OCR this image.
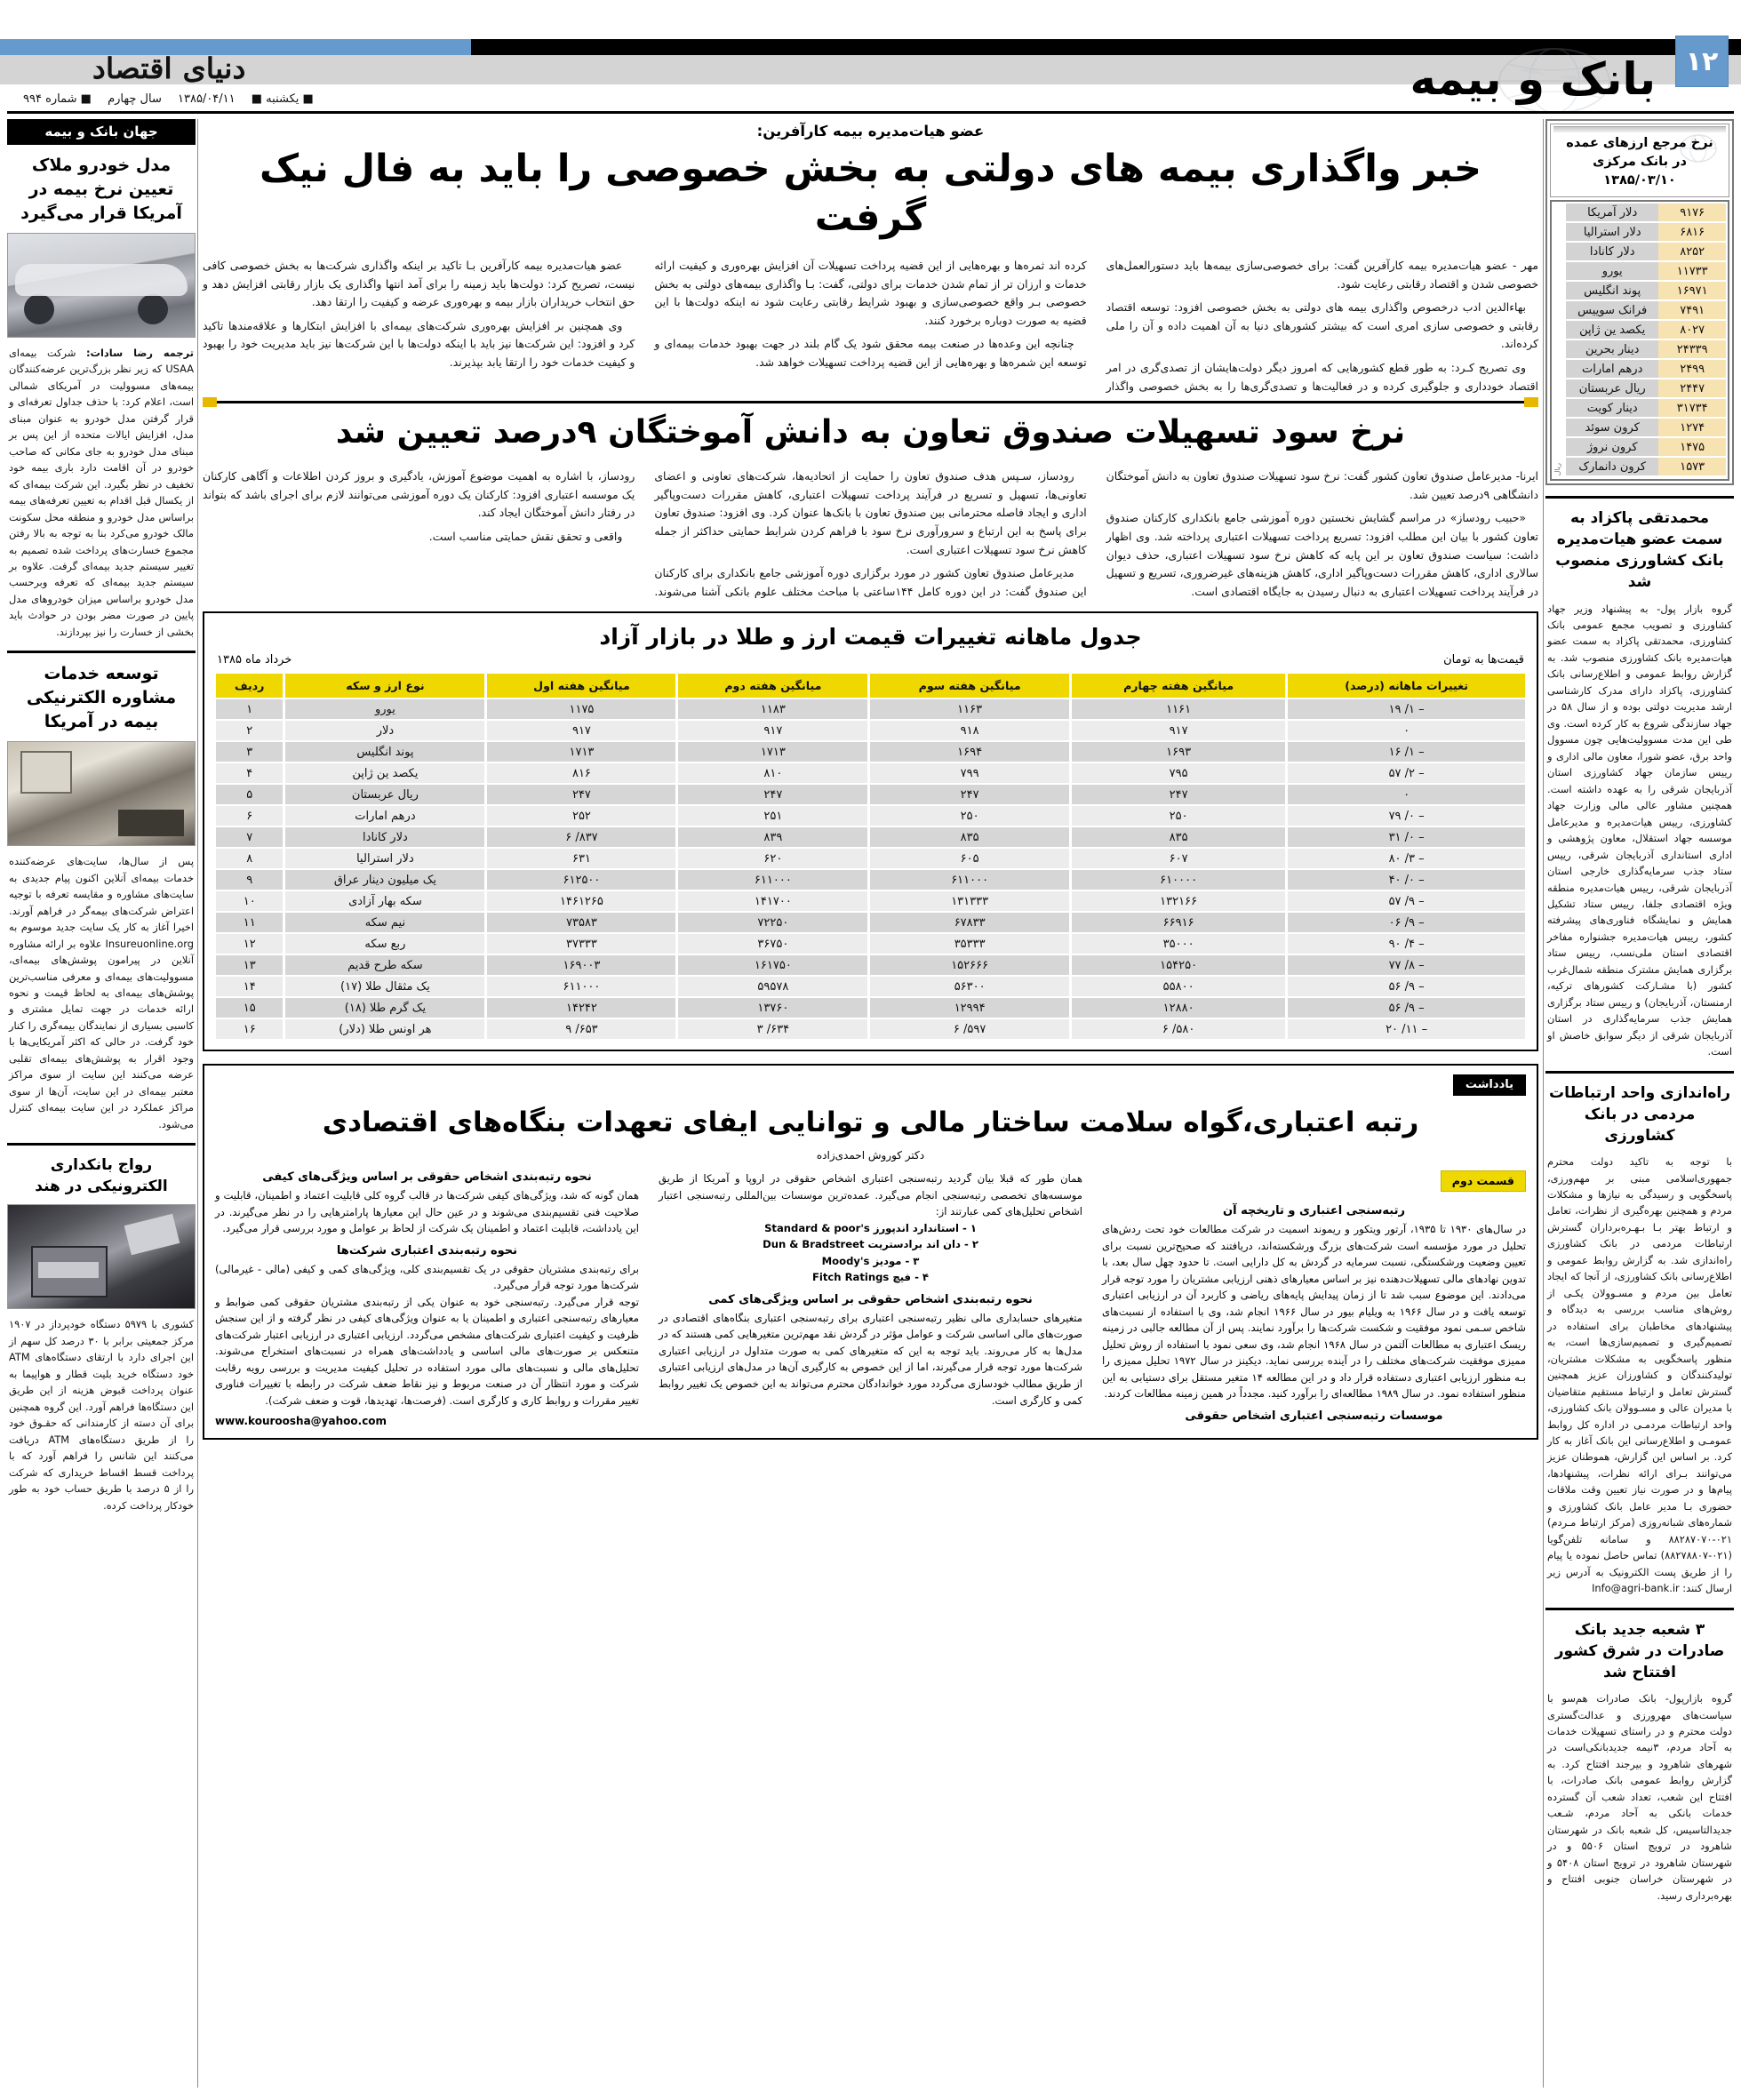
۱۲
دنیای اقتصاد	بانک و بیمه
■ یکشنبه ■ ۱۳۸۵/۰۴/۱۱ سال چهارم ■ شماره ۹۹۴
جهان بانک و بیمه
مدل خودرو ملاک تعیین نرخ بیمه در آمریکا قرار می‌گیرد
ترجمه رضا سادات: شرکت بیمه‌ای USAA که زیر نظر بزرگ‌ترین عرضه‌کنندگان بیمه‌های مسوولیت در آمریکای شمالی است، اعلام کرد: با حذف جداول تعرفه‌ای و قرار گرفتن مدل خودرو به عنوان مبنای مدل، افزایش ایالات متحده از این پس بر مبنای مدل خودرو به جای مکانی که صاحب خودرو در آن اقامت دارد باری بیمه خود تخفیف در نظر بگیرد. این شرکت بیمه‌ای که از یکسال قبل اقدام به تعیین تعرفه‌های بیمه براساس مدل خودرو و منطقه محل سکونت مالک خودرو می‌کرد بنا به توجه به بالا رفتن مجموع خسارت‌های پرداخت شده تصمیم به تغییر سیستم جدید بیمه‌ای گرفت. علاوه بر سیستم جدید بیمه‌ای که تعرفه وبرحسب مدل خودرو براساس میزان خودروهای مدل پایین در صورت مضر بودن در حوادث باید بخشی از خسارت را نیز بپردازند.
توسعه خدمات مشاوره الکترنیکی بیمه در آمریکا
پس از سال‌ها، سایت‌های عرضه‌کننده خدمات بیمه‌ای آنلاین اکنون پیام جدیدی به سایت‌های مشاوره و مقایسه تعرفه با توجیه اعتراض شرکت‌های بیمه‌گر در فراهم آورند. اخیرا آغاز به کار یک سایت جدید موسوم به Insureuonline.org علاوه بر ارائه مشاوره آنلاین در پیرامون پوشش‌های بیمه‌ای، مسوولیت‌های بیمه‌ای و معرفی مناسب‌ترین پوشش‌های بیمه‌ای به لحاظ قیمت و نحوه ارائه خدمات در جهت تمایل مشتری و کاسبی بسیاری از نمایندگان بیمه‌گری را کنار خود گرفت. در حالی که اکثر آمریکایی‌ها با وجود اقرار به پوشش‌های بیمه‌ای تقلبی عرضه می‌کنند این سایت از سوی مراکز معتبر بیمه‌ای در این سایت، آن‌ها از سوی مراکز عملکرد در این سایت بیمه‌ای کنترل می‌شود.
رواج بانکداری الکترونیکی در هند
کشوری با ۵۹۷۹ دستگاه خودپرداز در ۱۹۰۷ مرکز جمعیتی برابر با ۳۰ درصد کل سهم از این اجرای دارد با ارتقای دستگاه‌های ATM خود دستگاه خرید بلیت قطار و هواپیما به عنوان پرداخت قبوض هزینه از این طریق این دستگاه‌ها فراهم آورد. این گروه همچنین برای آن دسته از کارمندانی که حقـوق خود را از طریق دستگاه‌های ATM دریافت می‌کنند این شانس را فراهم آورد که با پرداخت قسط اقساط خریداری که شرکت را از ۵ درصد با طریق حساب خود به طور خودکار پرداخت کرده.
نرخ مرجع ارزهای عمده
در بانک مرکزی ۱۳۸۵/۰۳/۱۰
ریال
۹۱۷۶	دلار آمریکا
۶۸۱۶	دلار استرالیا
۸۲۵۲	دلار کانادا
۱۱۷۳۳	یورو
۱۶۹۷۱	پوند انگلیس
۷۴۹۱	فرانک سوییس
۸۰۲۷	یکصد ین ژاپن
۲۴۳۳۹	دینار بحرین
۲۴۹۹	درهم امارات
۲۴۴۷	ریال عربستان
۳۱۷۳۴	دینار کویت
۱۲۷۴	کرون سوئد
۱۴۷۵	کرون نروژ
۱۵۷۳	کرون دانمارک
محمدتقی پاکزاد به سمت عضو هیات‌مدیره بانک کشاورزی منصوب شد
گروه بازار پول- به پیشنهاد وزیر جهاد کشاورزی و تصویب مجمع عمومی بانک کشاورزی، محمدتقی پاکزاد به سمت عضو هیات‌مدیره بانک کشاورزی منصوب شد. به گزارش روابط عمومی و اطلاع‌رسانی بانک کشاورزی، پاکزاد دارای مدرک کارشناسی ارشد مدیریت دولتی بوده و از سال ۵۸ در جهاد سازندگی شروع به کار کرده است. وی طی این مدت مسوولیت‌هایی چون مسوول واحد برق، عضو شورا، معاون مالی اداری و رییس سازمان جهاد کشاورزی استان آذربایجان شرقی را به عهده داشته است. همچنین مشاور عالی مالی وزارت جهاد کشاورزی، رییس هیات‌مدیره و مدیرعامل موسسه جهاد استقلال، معاون پژوهشی و اداری استانداری آذربایجان شرقی، رییس ستاد جذب سرمایه‌گذاری خارجی استان آذربایجان شرقی، رییس هیات‌مدیره منطقه ویژه اقتصادی جلفا، رییس ستاد تشکیل همایش و نمایشگاه فناوری‌های پیشرفته کشور، رییس هیات‌مدیره جشنواره مفاخر اقتصادی استان ملی‌نسب، رییس ستاد برگزاری همایش مشترک منطقه شمال‌غرب کشور (با مشـارکت کشورهای ترکیه، ارمنستان، آذربایجان) و رییس ستاد برگزاری همایش جذب سرمایه‌گذاری در استان آذربایجان شرقی از دیگر سوابق خاصش او است.
راه‌اندازی واحد ارتباطات مردمی در بانک کشاورزی
با توجه به تاکید دولت محترم جمهوری‌اسلامی مبنی بر مهم‌ورزی، پاسخگویی و رسیدگی به نیازها و مشکلات مردم و همچنین بهره‌گیری از نظرات، تعامل و ارتباط بهتر بـا بـهـره‌برداران گسترش ارتباطات مردمی در بانک کشاورزی راه‌اندازی شد. به گزارش روابط عمومی و اطلاع‌رسانی بانک کشاورزی، از آنجا که ایجاد تعامل بین مردم و مسـوولان یکـی از روش‌های مناسب بررسی به دیدگاه و پیشنهادهای مخاطبان برای استفاده در تصمیم‌گیری و تصمیم‌سازی‌ها است، به منظور پاسخگویی به مشکلات مشتریان، تولیدکنندگان و کشاورزان عزیز همچنین گسترش تعامل و ارتباط مستقیم متقاضیان با مدیران عالی و مسـوولان بانک کشاورزی، واحد ارتباطات مردمـی در اداره کل روابط عمومـی و اطلاع‌رسانی این بانک آغاز به کار کرد. بر اساس این گزارش، هموطنان عزیز می‌توانند بـرای ارائه نظرات، پیشنهادها، پیام‌ها و در صورت نیاز تعیین وقت ملاقات حضوری بـا مدیر عامل بانک کشاورزی و شماره‌های شبانه‌روزی (مرکز ارتباط مـردم) ۰۲۱-۸۸۲۸۷۰۷۰ و سامانه تلفن‌گویا (۰۲۱-۸۸۲۷۸۸۰۷) تماس حاصل نموده یا پیام را از طریق پست الکترونیک به آدرس زیر ارسال کنند: Info@agri-bank.ir
۳ شعبه جدید بانک صادرات در شرق کشور افتتاح شد
گروه بازارپول- بانک صادرات هم‌سو با سیاست‌های مهرورزی و عدالت‌گستری دولت محترم و در راستای تسهیلات خدمات به آحاد مردم، ۳نیمه جدیدبانکی‌است در شهرهای شاهرود و بیرجند افتتاح کرد. به گزارش روابط عمومی بانک صادرات، با افتتاح این شعب، تعداد شعب آن گسترده خدمات بانکی به آحاد مردم، شـعب جدیدالتاسیس، کل شعبه بانک در شهرستان شاهرود در ترویج استان ۵۵۰۶ و در شهرستان شاهرود در ترویج استان ۵۴۰۸ و در شهرستان خراسان جنوبی افتتاح و بهره‌برداری رسید.
عضو هیات‌مدیره بیمه کارآفرین:
خبر واگذاری بیمه های دولتی به بخش خصوصی را باید به فال نیک گرفت

مهر - عضو هیات‌مدیره بیمه کارآفرین گفت: برای خصوصی‌سازی بیمه‌ها باید دستورالعمل‌های خصوصی شدن و اقتصاد رقابتی رعایت شود.

بهاءالدین ادب درخصوص واگذاری بیمه های دولتی به بخش خصوصی افزود: توسعه اقتصاد رقابتی و خصوصی سازی امری است که بیشتر کشورهای دنیا به آن اهمیت داده و آن را ملی کرده‌اند.

وی تصریح کـرد: به طور قطع کشورهایی که امروز دیگر دولت‌هایشان از تصدی‌گری در امر اقتصاد خودداری و جلوگیری کرده و در فعالیت‌ها و تصدی‌گری‌ها را به بخش خصوصی واگذار کرده اند ثمره‌ها و بهره‌هایی از این قضیه پرداخت تسهیلات آن افزایش بهره‌وری و کیفیت ارائه خدمات و ارزان تر از تمام شدن خدمات برای دولتی، گفت: بـا واگذاری بیمه‌های دولتی به بخش خصوصی بـر واقع خصوصی‌سازی و بهبود شرایط رقابتی رعایت شود نه اینکه دولت‌ها با این قضیه به صورت دوباره برخورد کنند.

چنانچه این وعده‌ها در صنعت بیمه محقق شود یک گام بلند در جهت بهبود خدمات بیمه‌ای و توسعه این شمره‌ها و بهره‌هایی از این قضیه پرداخت تسهیلات خواهد شد.

عضو هیات‌مدیره بیمه کارآفرین بـا تاکید بر اینکه واگذاری شرکت‌ها به بخش خصوصی کافی نیست، تصریح کرد: دولت‌ها باید زمینه را برای آمد انتها واگذاری یک بازار رقابتی افزایش دهد و حق انتخاب خریداران بازار بیمه و بهره‌وری عرضه و کیفیت را ارتقا دهد.

وی همچنین بر افزایش بهره‌وری شرکت‌های بیمه‌ای با افزایش ابتکارها و علاقه‌مندها تاکید کرد و افزود: این شرکت‌ها نیز باید با اینکه دولت‌ها با این شرکت‌ها نیز باید مدیریت خود را بهبود و کیفیت خدمات خود را ارتقا یابد بپذیرند.

نرخ سود تسهیلات صندوق تعاون به دانش آموختگان ۹درصد تعیین شد

ایرنا- مدیرعامل صندوق تعاون کشور گفت: نرخ سود تسهیلات صندوق تعاون به دانش آموختگان دانشگاهی ۹درصد تعیین شد.

«حبیب رودساز» در مراسم گشایش نخستین دوره آموزشی جامع بانکداری کارکنان صندوق تعاون کشور با بیان این مطلب افزود: تسریع پرداخت تسهیلات اعتباری پرداخته شد. وی اظهار داشت: سیاست صندوق تعاون بر این پایه که کاهش نرخ سود تسهیلات اعتباری، حذف دیوان سالاری اداری، کاهش مقررات دست‌وپاگیر اداری، کاهش هزینه‌های غیرضروری، تسریع و تسهیل در فرآیند پرداخت تسهیلات اعتباری به دنبال رسیدن به جایگاه اقتصادی است.

رودساز، سـپس هدف صندوق تعاون را حمایت از اتحادیه‌ها، شرکت‌های تعاونی و اعضای تعاونی‌ها، تسهیل و تسریع در فرآیند پرداخت تسهیلات اعتباری، کاهش مقررات دست‌وپاگیر اداری و ایجاد فاصله محترمانی بین صندوق تعاون با بانک‌ها عنوان کرد. وی افزود: صندوق تعاون برای پاسخ به این ارتباع و سرورآوری نرخ سود با فراهم کردن شرایط حمایتی حداکثر از جمله کاهش نرخ سود تسهیلات اعتباری است.

مدیرعامل صندوق تعاون کشور در مورد برگزاری دوره آموزشی جامع بانکداری برای کارکنان این صندوق گفت: در این دوره کامل ۱۴۴ساعتی با مباحث مختلف علوم بانکی آشنا می‌شوند. رودساز، با اشاره به اهمیت موضوع آموزش، یادگیری و بروز کردن اطلاعات و آگاهی کارکنان یک موسسه اعتباری افزود: کارکنان یک دوره آموزشی می‌توانند لازم برای اجرای باشد که بتواند در رفتار دانش آموختگان ایجاد کند.

واقعی و تحقق نقش حمایتی مناسب است.

جدول ماهانه تغییرات قیمت ارز و طلا در بازار آزاد
قیمت‌ها به تومان
خرداد ماه ۱۳۸۵
تغییرات ماهانه (درصد)	میانگین هفته چهارم	میانگین هفته سوم	میانگین هفته دوم	میانگین هفته اول	نوع ارز و سکه	ردیف
– ۱/ ۱۹	۱۱۶۱	۱۱۶۳	۱۱۸۳	۱۱۷۵	یورو	۱
۰	۹۱۷	۹۱۸	۹۱۷	۹۱۷	دلار	۲
– ۱/ ۱۶	۱۶۹۳	۱۶۹۴	۱۷۱۳	۱۷۱۳	پوند انگلیس	۳
– ۲/ ۵۷	۷۹۵	۷۹۹	۸۱۰	۸۱۶	یکصد ین ژاپن	۴
۰	۲۴۷	۲۴۷	۲۴۷	۲۴۷	ریال عربستان	۵
– ۰/ ۷۹	۲۵۰	۲۵۰	۲۵۱	۲۵۲	درهم امارات	۶
– ۰/ ۳۱	۸۳۵	۸۳۵	۸۳۹	۸۳۷/ ۶	دلار کانادا	۷
– ۳/ ۸۰	۶۰۷	۶۰۵	۶۲۰	۶۳۱	دلار استرالیا	۸
– ۰/ ۴۰	۶۱۰۰۰۰	۶۱۱۰۰۰	۶۱۱۰۰۰	۶۱۲۵۰۰	یک میلیون دینار عراق	۹
– ۹/ ۵۷	۱۳۲۱۶۶	۱۳۱۳۳۳	۱۴۱۷۰۰	۱۴۶۱۲۶۵	سکه بهار آزادی	۱۰
– ۹/ ۰۶	۶۶۹۱۶	۶۷۸۳۳	۷۲۲۵۰	۷۳۵۸۳	نیم سکه	۱۱
– ۴/ ۹۰	۳۵۰۰۰	۳۵۳۳۳	۳۶۷۵۰	۳۷۳۳۳	ربع سکه	۱۲
– ۸/ ۷۷	۱۵۴۲۵۰	۱۵۲۶۶۶	۱۶۱۷۵۰	۱۶۹۰۰۳	سکه طرح قدیم	۱۳
– ۹/ ۵۶	۵۵۸۰۰	۵۶۳۰۰	۵۹۵۷۸	۶۱۱۰۰۰	یک مثقال طلا (۱۷)	۱۴
– ۹/ ۵۶	۱۲۸۸۰	۱۲۹۹۴	۱۳۷۶۰	۱۴۲۴۲	یک گرم طلا (۱۸)	۱۵
– ۱۱/ ۲۰	۵۸۰/ ۶	۵۹۷/ ۶	۶۳۴/ ۳	۶۵۳/ ۹	هر اونس طلا (دلار)	۱۶
یادداشت
رتبه اعتباری،گواه سلامت ساختار مالی و توانایی ایفای تعهدات بنگاه‌های اقتصادی
دکتر کوروش احمدی‌زاده
قسمت دوم
رتبه‌سنجی اعتباری و تاریخچه آن
در سال‌های ۱۹۳۰ تا ۱۹۳۵، آرتور ویتکور و ریموند اسمیت در شرکت مطالعات خود تحت ردش‌های تحلیل در مورد مؤسسه است شرکت‌های بزرگ ورشکسته‌اند، دریافتند که صحیح‌ترین نسبت برای تعیین وضعیت ورشکستگی، نسبت سرمایه در گردش به کل دارایی است. تا حدود چهل سال بعد، با تدوین نهادهای مالی تسهیلات‌دهنده نیز بر اساس معیارهای ذهنی ارزیابی مشتریان را مورد توجه قرار می‌دادند. این موضوع سبب شد تا از زمان پیدایش پایه‌های ریاضی و کاربرد آن در ارزیابی اعتباری توسعه یافت و در سال ۱۹۶۶ به ویلیام بیور در سال ۱۹۶۶ انجام شد، وی با استفاده از نسبت‌های شاخص سـمی نمود موفقیت و شکست شرکت‌ها را برآورد نمایند. پس از آن مطالعه جالبی در زمینه ریسک اعتباری به مطالعات آلتمن در سال ۱۹۶۸ انجام شد، وی سعی نمود با استفاده از روش تحلیل ممیزی موفقیت شرکت‌های مختلف را در آینده بررسی نماید. دیکینز در سال ۱۹۷۲ تحلیل ممیزی را بـه منظور ارزیابی اعتباری دستفاده قرار داد و در این مطالعه ۱۴ متغیر مستقل برای دستیابی به این منظور استفاده نمود. در سال ۱۹۸۹ مطالعه‌ای را برآورد کنید. مجدداً در همین زمینه مطالعات کردند.
موسسات رتبه‌سنجی اعتباری اشخاص حقوقی
همان طور که قبلا بیان گردید رتبه‌سنجی اعتباری اشخاص حقوقی در اروپا و آمریکا از طریق موسسه‌های تخصصی رتبه‌سنجی انجام می‌گیرد. عمده‌ترین موسسات بین‌المللی رتبه‌سنجی اعتبار اشخاص تحلیل‌های کمی عبارتند از:
۱ - استاندارد اندپورز Standard & poor's
۲ - دان اند برادستریت Dun & Bradstreet
۳ - مودیز Moody's
۴ - فیچ Fitch Ratings
نحوه رتبه‌بندی اشخاص حقوقی بر اساس ویژگی‌های کمی
متغیرهای حسابداری مالی نظیر رتبه‌سنجی اعتباری برای رتبه‌سنجی اعتباری بنگاه‌های اقتصادی در صورت‌های مالی اساسی شرکت و عوامل مؤثر در گردش نقد مهم‌ترین متغیرهایی کمی هستند که در مدل‌ها به کار می‌روند. باید توجه به این که متغیرهای کمی به صورت متداول در ارزیابی اعتباری شرکت‌ها مورد توجه قرار می‌گیرند، اما از این خصوص به کارگیری آن‌ها در مدل‌های ارزیابی اعتباری از طریق مطالب خودسازی می‌گردد مورد خواندادگان محترم می‌تواند به این خصوص یک تغییر روابط کمی و کارگری است.
نحوه رتبه‌بندی اشخاص حقوقی بر اساس ویژگی‌های کیفی
همان گونه که شد، ویژگی‌های کیفی شرکت‌ها در قالب گروه کلی قابلیت اعتماد و اطمینان، قابلیت و صلاحیت فنی تقسیم‌بندی می‌شوند و در عین حال این معیارها پارامترهایی را در نظر می‌گیرند. در این یادداشت، قابلیت اعتماد و اطمینان یک شرکت از لحاظ بر عوامل و مورد بررسی قرار می‌گیرد.
نحوه رتبه‌بندی اعتباری شرکت‌ها
برای رتبه‌بندی مشتریان حقوقی در یک تقسیم‌بندی کلی، ویژگی‌های کمی و کیفی (مالی - غیرمالی) شرکت‌ها مورد توجه قرار می‌گیرد.
توجه قرار می‌گیرد. رتبه‌سنجی خود به عنوان یکی از رتبه‌بندی مشتریان حقوقی کمی ضوابط و معیارهای رتبه‌سنجی اعتباری و اطمینان یا به عنوان ویژگی‌های کیفی در نظر گرفته و از این سنجش ظرفیت و کیفیت اعتباری شرکت‌های مشخص می‌گردد. ارزیابی اعتباری در ارزیابی اعتبار شرکت‌های متنعکس بر صورت‌های مالی اساسی و یادداشت‌های همراه در نسبت‌های استخراج می‌شوند. تحلیل‌های مالی و نسبت‌های مالی مورد استفاده در تحلیل کیفیت مدیریت و بررسی رویه رقابت شرکت و مورد انتظار آن در صنعت مربوط و نیز نقاط ضعف شرکت در رابطه با تغییرات فناوری تغییر مقررات و روابط کاری و کارگری است. (فرصت‌ها، تهدیدها، قوت و ضعف شرکت).
www.kouroosha@yahoo.com
